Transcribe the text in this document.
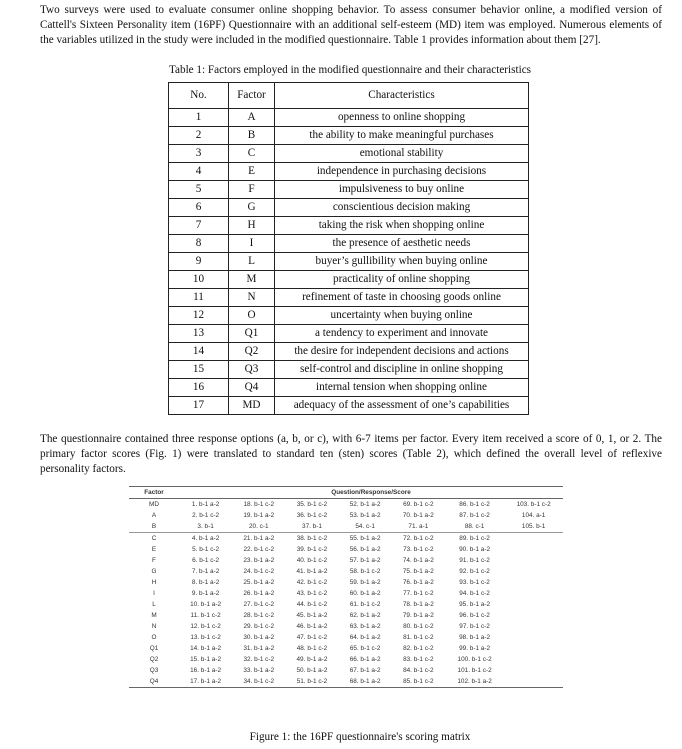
Two surveys were used to evaluate consumer online shopping behavior. To assess consumer behavior online, a modified version of Cattell's Sixteen Personality item (16PF) Questionnaire with an additional self-esteem (MD) item was employed. Numerous elements of the variables utilized in the study were included in the modified questionnaire. Table 1 provides information about them [27].

Table 1: Factors employed in the modified questionnaire and their characteristics

No.	Factor	Characteristics
1	A	openness to online shopping
2	B	the ability to make meaningful purchases
3	C	emotional stability
4	E	independence in purchasing decisions
5	F	impulsiveness to buy online
6	G	conscientious decision making
7	H	taking the risk when shopping online
8	I	the presence of aesthetic needs
9	L	buyer’s gullibility when buying online
10	M	practicality of online shopping
11	N	refinement of taste in choosing goods online
12	O	uncertainty when buying online
13	Q1	a tendency to experiment and innovate
14	Q2	the desire for independent decisions and actions
15	Q3	self-control and discipline in online shopping
16	Q4	internal tension when shopping online
17	MD	adequacy of the assessment of one’s capabilities

The questionnaire contained three response options (a, b, or c), with 6-7 items per factor. Every item received a score of 0, 1, or 2. The primary factor scores (Fig. 1) were translated to standard ten (sten) scores (Table 2), which defined the overall level of reflexive personality factors.

Factor	Question/Response/Score						
MD	1. b-1 a-2	18. b-1 c-2	35. b-1 c-2	52. b-1 a-2	69. b-1 c-2	86. b-1 c-2	103. b-1 c-2
A	2. b-1 c-2	19. b-1 a-2	36. b-1 c-2	53. b-1 a-2	70. b-1 a-2	87. b-1 c-2	104. a-1
B	3. b-1	20. c-1	37. b-1	54. c-1	71. a-1	88. c-1	105. b-1
C	4. b-1 a-2	21. b-1 a-2	38. b-1 c-2	55. b-1 a-2	72. b-1 c-2	89. b-1 c-2	
E	5. b-1 c-2	22. b-1 c-2	39. b-1 c-2	56. b-1 a-2	73. b-1 c-2	90. b-1 a-2	
F	6. b-1 c-2	23. b-1 a-2	40. b-1 c-2	57. b-1 a-2	74. b-1 a-2	91. b-1 c-2	
G	7. b-1 a-2	24. b-1 c-2	41. b-1 a-2	58. b-1 c-2	75. b-1 a-2	92. b-1 c-2	
H	8. b-1 a-2	25. b-1 a-2	42. b-1 c-2	59. b-1 a-2	76. b-1 a-2	93. b-1 c-2	
I	9. b-1 a-2	26. b-1 a-2	43. b-1 c-2	60. b-1 a-2	77. b-1 c-2	94. b-1 c-2	
L	10. b-1 a-2	27. b-1 c-2	44. b-1 c-2	61. b-1 c-2	78. b-1 a-2	95. b-1 a-2	
M	11. b-1 c-2	28. b-1 c-2	45. b-1 a-2	62. b-1 a-2	79. b-1 a-2	96. b-1 c-2	
N	12. b-1 c-2	29. b-1 c-2	46. b-1 a-2	63. b-1 a-2	80. b-1 c-2	97. b-1 c-2	
O	13. b-1 c-2	30. b-1 a-2	47. b-1 c-2	64. b-1 a-2	81. b-1 c-2	98. b-1 a-2	
Q1	14. b-1 a-2	31. b-1 a-2	48. b-1 c-2	65. b-1 c-2	82. b-1 c-2	99. b-1 a-2	
Q2	15. b-1 a-2	32. b-1 c-2	49. b-1 a-2	66. b-1 a-2	83. b-1 c-2	100. b-1 c-2	
Q3	16. b-1 a-2	33. b-1 a-2	50. b-1 a-2	67. b-1 a-2	84. b-1 c-2	101. b-1 c-2	
Q4	17. b-1 a-2	34. b-1 c-2	51. b-1 c-2	68. b-1 a-2	85. b-1 c-2	102. b-1 a-2	

Figure 1: the 16PF questionnaire's scoring matrix
